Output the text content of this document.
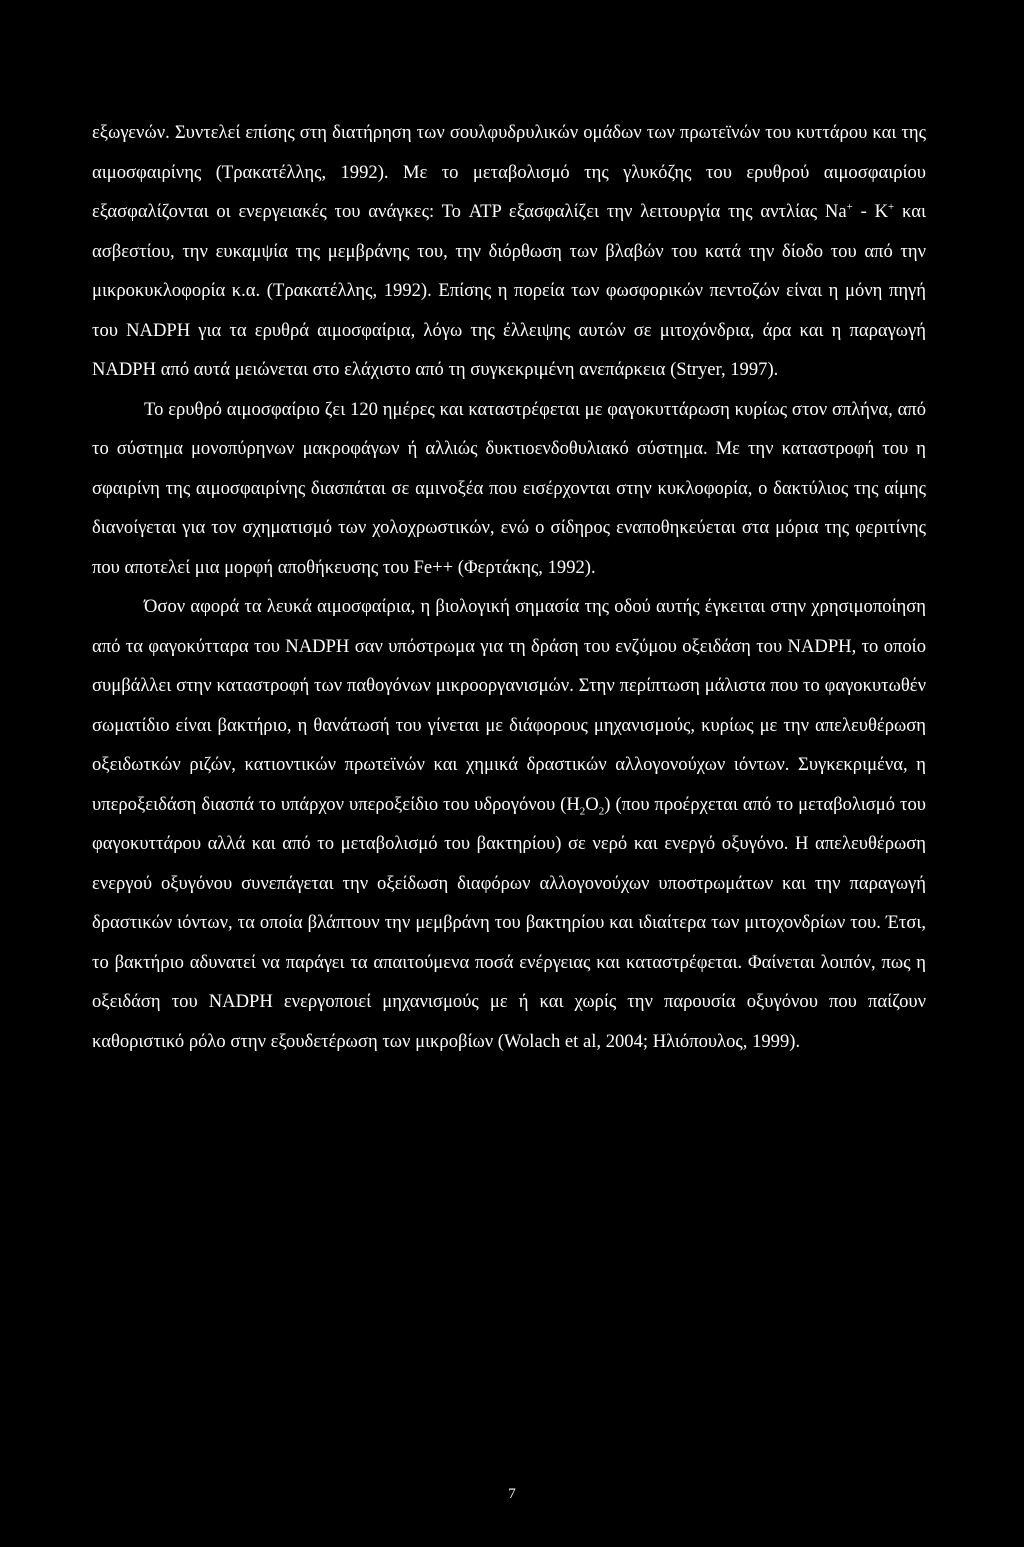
εξωγενών. Συντελεί επίσης στη διατήρηση των σουλφυδρυλικών ομάδων των πρωτεϊνών του κυττάρου και της αιμοσφαιρίνης (Τρακατέλλης, 1992). Με το μεταβολισμό της γλυκόζης του ερυθρού αιμοσφαιρίου εξασφαλίζονται οι ενεργειακές του ανάγκες: Το ATP εξασφαλίζει την λειτουργία της αντλίας Na+ - K+ και ασβεστίου, την ευκαμψία της μεμβράνης του, την διόρθωση των βλαβών του κατά την δίοδο του από την μικροκυκλοφορία κ.α. (Τρακατέλλης, 1992). Επίσης η πορεία των φωσφορικών πεντοζών είναι η μόνη πηγή του NADPH για τα ερυθρά αιμοσφαίρια, λόγω της έλλειψης αυτών σε μιτοχόνδρια, άρα και η παραγωγή NADPH από αυτά μειώνεται στο ελάχιστο από τη συγκεκριμένη ανεπάρκεια (Stryer, 1997).

Το ερυθρό αιμοσφαίριο ζει 120 ημέρες και καταστρέφεται με φαγοκυττάρωση κυρίως στον σπλήνα, από το σύστημα μονοπύρηνων μακροφάγων ή αλλιώς δυκτιοενδοθυλιακό σύστημα. Με την καταστροφή του η σφαιρίνη της αιμοσφαιρίνης διασπάται σε αμινοξέα που εισέρχονται στην κυκλοφορία, ο δακτύλιος της αίμης διανοίγεται για τον σχηματισμό των χολοχρωστικών, ενώ ο σίδηρος εναποθηκεύεται στα μόρια της φεριτίνης που αποτελεί μια μορφή αποθήκευσης του Fe++ (Φερτάκης, 1992).

Όσον αφορά τα λευκά αιμοσφαίρια, η βιολογική σημασία της οδού αυτής έγκειται στην χρησιμοποίηση από τα φαγοκύτταρα του NADPH σαν υπόστρωμα για τη δράση του ενζύμου οξειδάση του NADPH, το οποίο συμβάλλει στην καταστροφή των παθογόνων μικροοργανισμών. Στην περίπτωση μάλιστα που το φαγοκυτωθέν σωματίδιο είναι βακτήριο, η θανάτωσή του γίνεται με διάφορους μηχανισμούς, κυρίως με την απελευθέρωση οξειδωτκών ριζών, κατιοντικών πρωτεϊνών και χημικά δραστικών αλλογονούχων ιόντων. Συγκεκριμένα, η υπεροξειδάση διασπά το υπάρχον υπεροξείδιο του υδρογόνου $(H_2O_2)$ (που προέρχεται από το μεταβολισμό του φαγοκυττάρου αλλά και από το μεταβολισμό του βακτηρίου) σε νερό και ενεργό οξυγόνο. Η απελευθέρωση ενεργού οξυγόνου συνεπάγεται την οξείδωση διαφόρων αλλογονούχων υποστρωμάτων και την παραγωγή δραστικών ιόντων, τα οποία βλάπτουν την μεμβράνη του βακτηρίου και ιδιαίτερα των μιτοχονδρίων του. Έτσι, το βακτήριο αδυνατεί να παράγει τα απαιτούμενα ποσά ενέργειας και καταστρέφεται. Φαίνεται λοιπόν, πως η οξειδάση του NADPH ενεργοποιεί μηχανισμούς με ή και χωρίς την παρουσία οξυγόνου που παίζουν καθοριστικό ρόλο στην εξουδετέρωση των μικροβίων (Wolach et al, 2004; Ηλιόπουλος, 1999).

7
